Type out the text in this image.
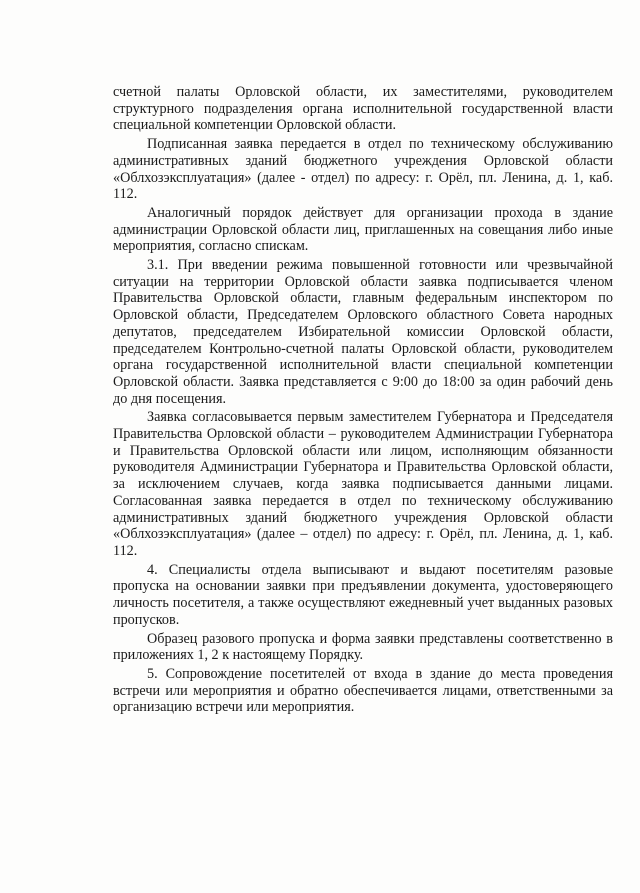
счетной палаты Орловской области, их заместителями, руководителем структурного подразделения органа исполнительной государственной власти специальной компетенции Орловской области.

Подписанная заявка передается в отдел по техническому обслуживанию административных зданий бюджетного учреждения Орловской области «Облхозэксплуатация» (далее - отдел) по адресу: г. Орёл, пл. Ленина, д. 1, каб. 112.

Аналогичный порядок действует для организации прохода в здание администрации Орловской области лиц, приглашенных на совещания либо иные мероприятия, согласно спискам.

3.1. При введении режима повышенной готовности или чрезвычайной ситуации на территории Орловской области заявка подписывается членом Правительства Орловской области, главным федеральным инспектором по Орловской области, Председателем Орловского областного Совета народных депутатов, председателем Избирательной комиссии Орловской области, председателем Контрольно-счетной палаты Орловской области, руководителем органа государственной исполнительной власти специальной компетенции Орловской области. Заявка представляется с 9:00 до 18:00 за один рабочий день до дня посещения.

Заявка согласовывается первым заместителем Губернатора и Председателя Правительства Орловской области – руководителем Администрации Губернатора и Правительства Орловской области или лицом, исполняющим обязанности руководителя Администрации Губернатора и Правительства Орловской области, за исключением случаев, когда заявка подписывается данными лицами. Согласованная заявка передается в отдел по техническому обслуживанию административных зданий бюджетного учреждения Орловской области «Облхозэксплуатация» (далее – отдел) по адресу: г. Орёл, пл. Ленина, д. 1, каб. 112.

4. Специалисты отдела выписывают и выдают посетителям разовые пропуска на основании заявки при предъявлении документа, удостоверяющего личность посетителя, а также осуществляют ежедневный учет выданных разовых пропусков.

Образец разового пропуска и форма заявки представлены соответственно в приложениях 1, 2 к настоящему Порядку.

5. Сопровождение посетителей от входа в здание до места проведения встречи или мероприятия и обратно обеспечивается лицами, ответственными за организацию встречи или мероприятия.
